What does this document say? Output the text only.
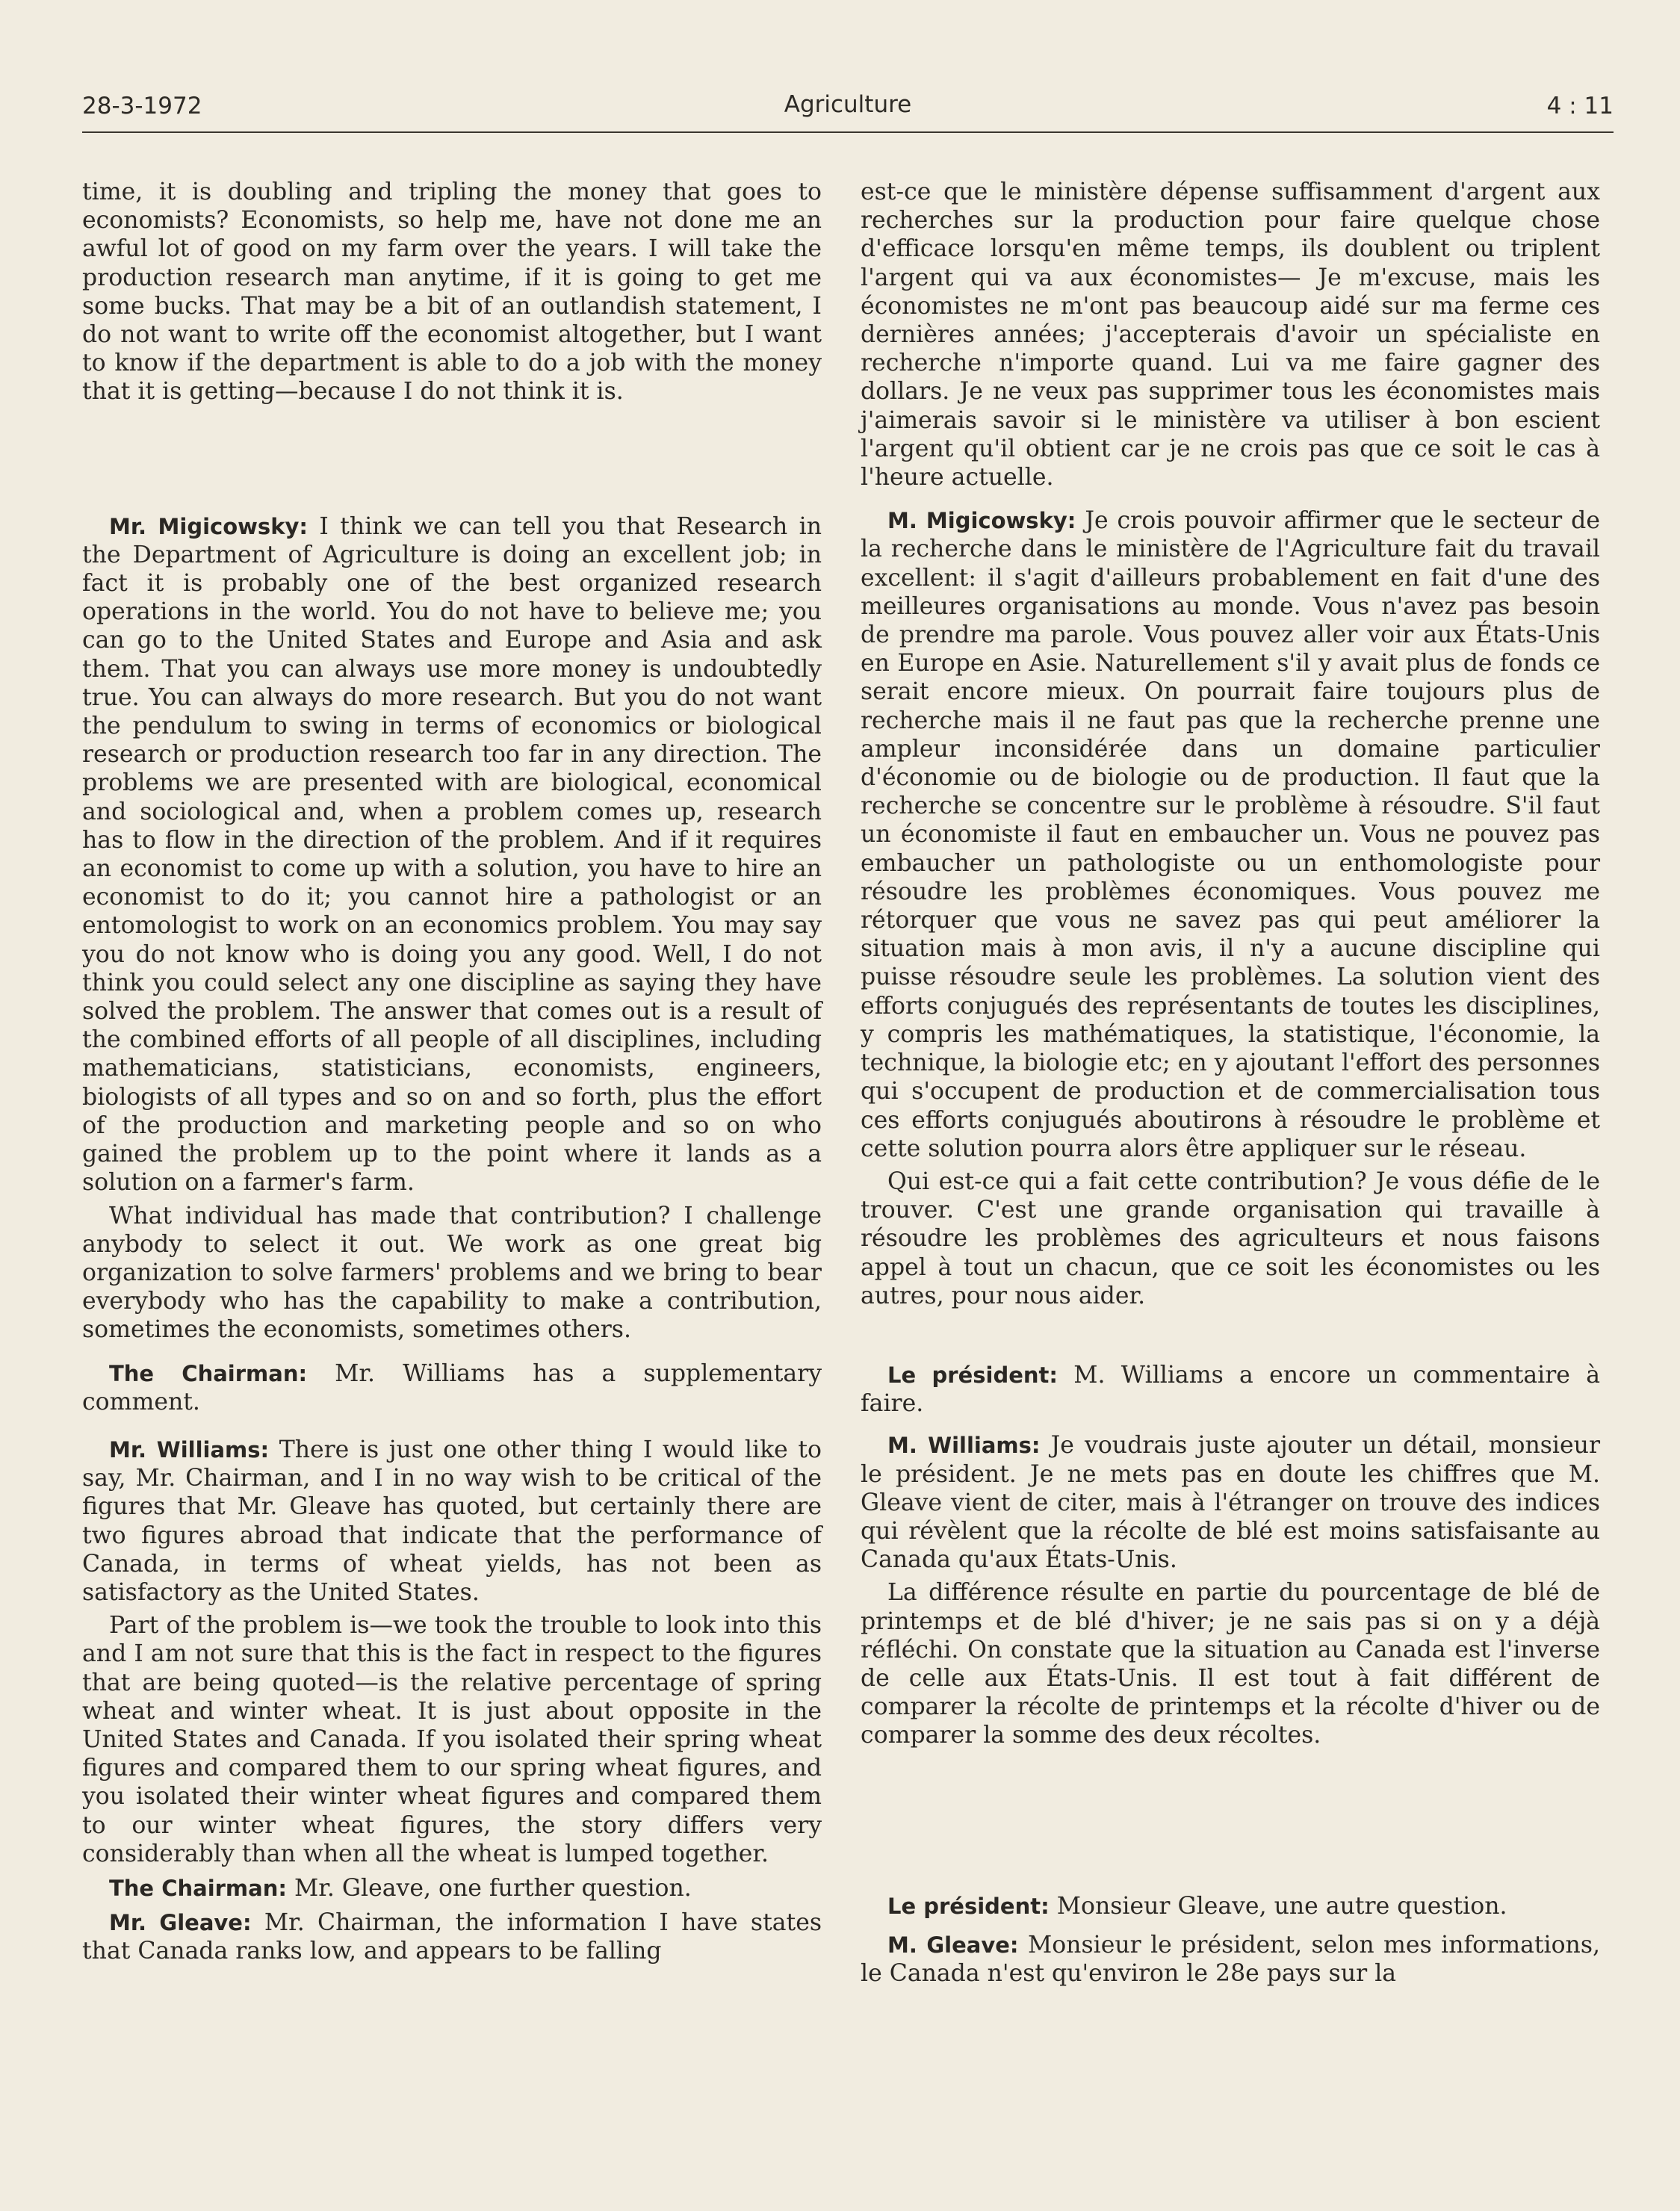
28-3-1972	Agriculture	4 : 11

time, it is doubling and tripling the money that goes to economists? Economists, so help me, have not done me an awful lot of good on my farm over the years. I will take the production research man anytime, if it is going to get me some bucks. That may be a bit of an outlandish statement, I do not want to write off the economist altogether, but I want to know if the department is able to do a job with the money that it is getting—because I do not think it is.

Mr. Migicowsky: I think we can tell you that Research in the Department of Agriculture is doing an excellent job; in fact it is probably one of the best organized research operations in the world. You do not have to believe me; you can go to the United States and Europe and Asia and ask them. That you can always use more money is undoubtedly true. You can always do more research. But you do not want the pendulum to swing in terms of economics or biological research or production research too far in any direction. The problems we are presented with are biological, economical and sociological and, when a problem comes up, research has to flow in the direction of the problem. And if it requires an economist to come up with a solution, you have to hire an economist to do it; you cannot hire a pathologist or an entomologist to work on an economics problem. You may say you do not know who is doing you any good. Well, I do not think you could select any one discipline as saying they have solved the problem. The answer that comes out is a result of the combined efforts of all people of all disciplines, including mathematicians, statisticians, economists, engineers, biologists of all types and so on and so forth, plus the effort of the production and marketing people and so on who gained the problem up to the point where it lands as a solution on a farmer's farm.

What individual has made that contribution? I challenge anybody to select it out. We work as one great big organization to solve farmers' problems and we bring to bear everybody who has the capability to make a contribution, sometimes the economists, sometimes others.

The Chairman: Mr. Williams has a supplementary comment.

Mr. Williams: There is just one other thing I would like to say, Mr. Chairman, and I in no way wish to be critical of the figures that Mr. Gleave has quoted, but certainly there are two figures abroad that indicate that the performance of Canada, in terms of wheat yields, has not been as satisfactory as the United States.

Part of the problem is—we took the trouble to look into this and I am not sure that this is the fact in respect to the figures that are being quoted—is the relative percentage of spring wheat and winter wheat. It is just about opposite in the United States and Canada. If you isolated their spring wheat figures and compared them to our spring wheat figures, and you isolated their winter wheat figures and compared them to our winter wheat figures, the story differs very considerably than when all the wheat is lumped together.

The Chairman: Mr. Gleave, one further question.

Mr. Gleave: Mr. Chairman, the information I have states that Canada ranks low, and appears to be falling

est-ce que le ministère dépense suffisamment d'argent aux recherches sur la production pour faire quelque chose d'efficace lorsqu'en même temps, ils doublent ou triplent l'argent qui va aux économistes— Je m'excuse, mais les économistes ne m'ont pas beaucoup aidé sur ma ferme ces dernières années; j'accepterais d'avoir un spécialiste en recherche n'importe quand. Lui va me faire gagner des dollars. Je ne veux pas supprimer tous les économistes mais j'aimerais savoir si le ministère va utiliser à bon escient l'argent qu'il obtient car je ne crois pas que ce soit le cas à l'heure actuelle.

M. Migicowsky: Je crois pouvoir affirmer que le secteur de la recherche dans le ministère de l'Agriculture fait du travail excellent: il s'agit d'ailleurs probablement en fait d'une des meilleures organisations au monde. Vous n'avez pas besoin de prendre ma parole. Vous pouvez aller voir aux États-Unis en Europe en Asie. Naturellement s'il y avait plus de fonds ce serait encore mieux. On pourrait faire toujours plus de recherche mais il ne faut pas que la recherche prenne une ampleur inconsidérée dans un domaine particulier d'économie ou de biologie ou de production. Il faut que la recherche se concentre sur le problème à résoudre. S'il faut un économiste il faut en embaucher un. Vous ne pouvez pas embaucher un pathologiste ou un enthomologiste pour résoudre les problèmes économiques. Vous pouvez me rétorquer que vous ne savez pas qui peut améliorer la situation mais à mon avis, il n'y a aucune discipline qui puisse résoudre seule les problèmes. La solution vient des efforts conjugués des représentants de toutes les disciplines, y compris les mathématiques, la statistique, l'économie, la technique, la biologie etc; en y ajoutant l'effort des personnes qui s'occupent de production et de commercialisation tous ces efforts conjugués aboutirons à résoudre le problème et cette solution pourra alors être appliquer sur le réseau.

Qui est-ce qui a fait cette contribution? Je vous défie de le trouver. C'est une grande organisation qui travaille à résoudre les problèmes des agriculteurs et nous faisons appel à tout un chacun, que ce soit les économistes ou les autres, pour nous aider.

Le président: M. Williams a encore un commentaire à faire.

M. Williams: Je voudrais juste ajouter un détail, monsieur le président. Je ne mets pas en doute les chiffres que M. Gleave vient de citer, mais à l'étranger on trouve des indices qui révèlent que la récolte de blé est moins satisfaisante au Canada qu'aux États-Unis.

La différence résulte en partie du pourcentage de blé de printemps et de blé d'hiver; je ne sais pas si on y a déjà réfléchi. On constate que la situation au Canada est l'inverse de celle aux États-Unis. Il est tout à fait différent de comparer la récolte de printemps et la récolte d'hiver ou de comparer la somme des deux récoltes.

Le président: Monsieur Gleave, une autre question.

M. Gleave: Monsieur le président, selon mes informations, le Canada n'est qu'environ le 28e pays sur la
